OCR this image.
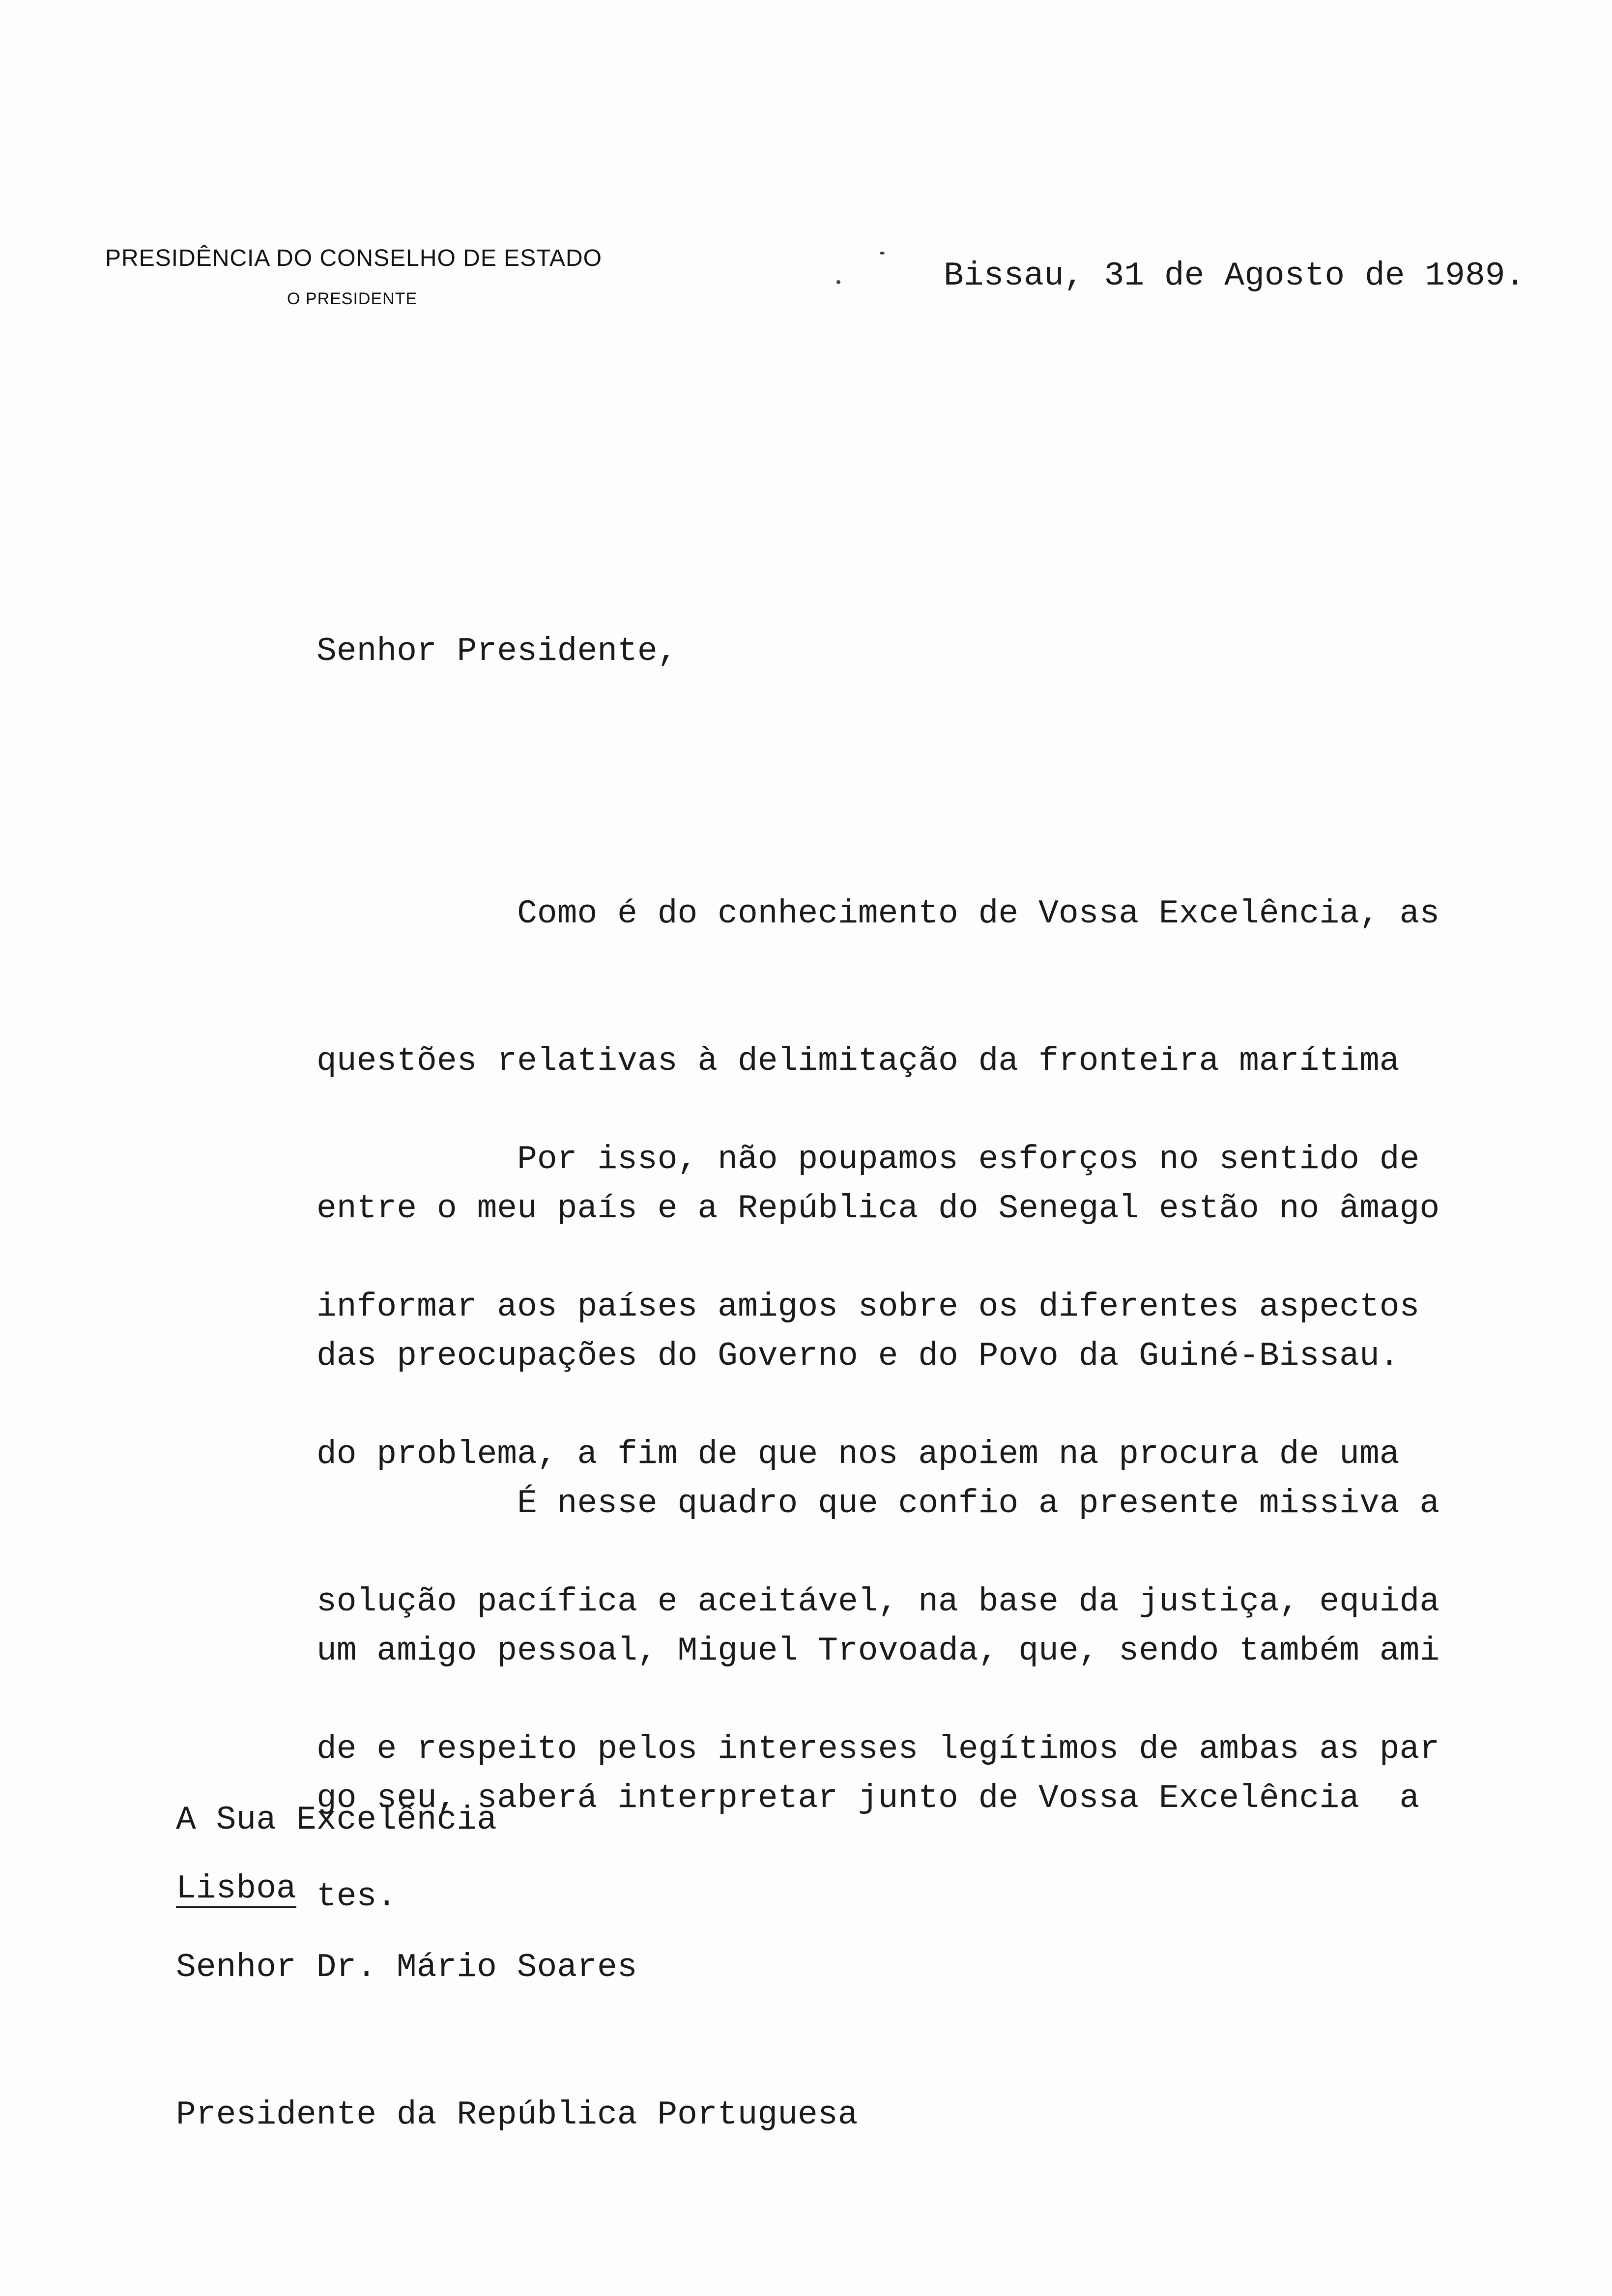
PRESIDÊNCIA DO CONSELHO DE ESTADO
O PRESIDENTE
Bissau, 31 de Agosto de 1989.
Senhor Presidente,

Como é do conhecimento de Vossa Excelência, as

questões relativas à delimitação da fronteira marítima

entre o meu país e a República do Senegal estão no âmago

das preocupações do Governo e do Povo da Guiné-Bissau.

Por isso, não poupamos esforços no sentido de

informar aos países amigos sobre os diferentes aspectos

do problema, a fim de que nos apoiem na procura de uma

solução pacífica e aceitável, na base da justiça, equida

de e respeito pelos interesses legítimos de ambas as par

tes.

É nesse quadro que confio a presente missiva a

um amigo pessoal, Miguel Trovoada, que, sendo também ami

go seu, saberá interpretar junto de Vossa Excelência  a

A Sua Excelência

Senhor Dr. Mário Soares

Presidente da República Portuguesa

Lisboa
